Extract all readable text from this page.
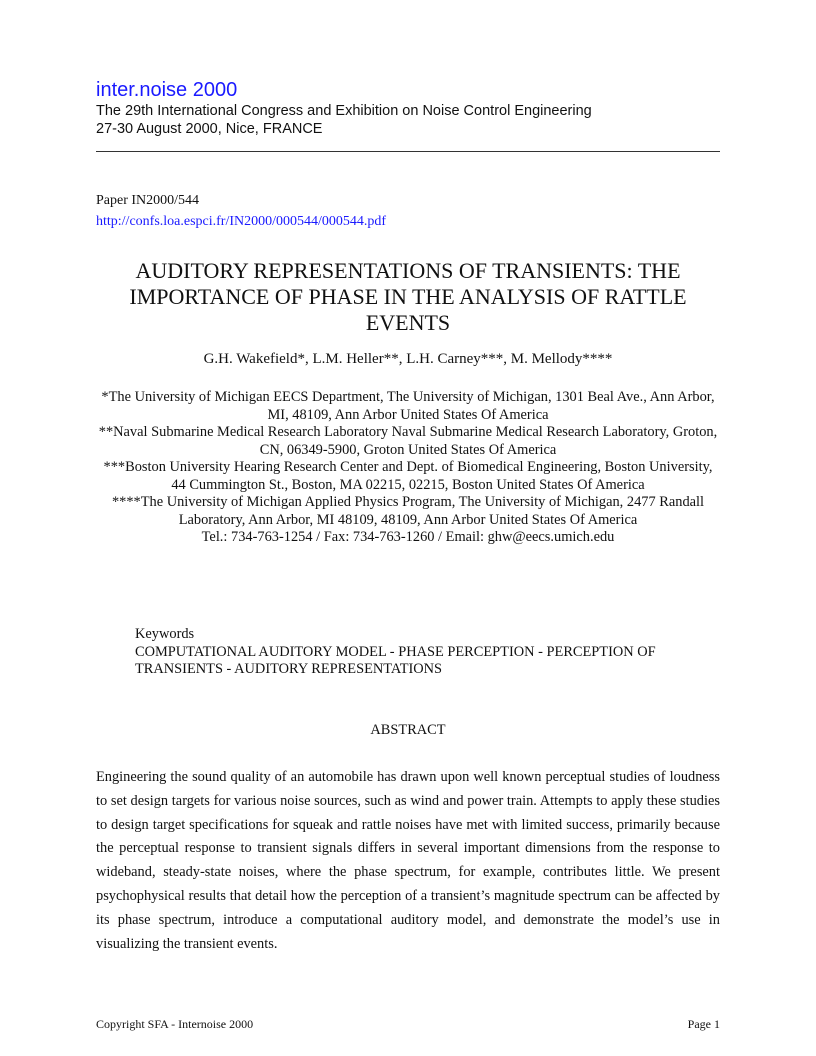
inter.noise 2000
The 29th International Congress and Exhibition on Noise Control Engineering
27-30 August 2000, Nice, FRANCE
Paper IN2000/544
http://confs.loa.espci.fr/IN2000/000544/000544.pdf
AUDITORY REPRESENTATIONS OF TRANSIENTS: THE IMPORTANCE OF PHASE IN THE ANALYSIS OF RATTLE EVENTS
G.H. Wakefield*, L.M. Heller**, L.H. Carney***, M. Mellody****

*The University of Michigan EECS Department, The University of Michigan, 1301 Beal Ave., Ann Arbor, MI, 48109, Ann Arbor United States Of America

**Naval Submarine Medical Research Laboratory Naval Submarine Medical Research Laboratory, Groton, CN, 06349-5900, Groton United States Of America

***Boston University Hearing Research Center and Dept. of Biomedical Engineering, Boston University, 44 Cummington St., Boston, MA 02215, 02215, Boston United States Of America

****The University of Michigan Applied Physics Program, The University of Michigan, 2477 Randall Laboratory, Ann Arbor, MI 48109, 48109, Ann Arbor United States Of America

Tel.: 734-763-1254 / Fax: 734-763-1260 / Email: ghw@eecs.umich.edu

Keywords
COMPUTATIONAL AUDITORY MODEL - PHASE PERCEPTION - PERCEPTION OF TRANSIENTS - AUDITORY REPRESENTATIONS
ABSTRACT
Engineering the sound quality of an automobile has drawn upon well known perceptual studies of loudness to set design targets for various noise sources, such as wind and power train. Attempts to apply these studies to design target specifications for squeak and rattle noises have met with limited success, primarily because the perceptual response to transient signals differs in several important dimensions from the response to wideband, steady-state noises, where the phase spectrum, for example, contributes little. We present psychophysical results that detail how the perception of a transient’s magnitude spectrum can be affected by its phase spectrum, introduce a computational auditory model, and demonstrate the model’s use in visualizing the transient events.
Copyright SFA - Internoise 2000	Page 1
